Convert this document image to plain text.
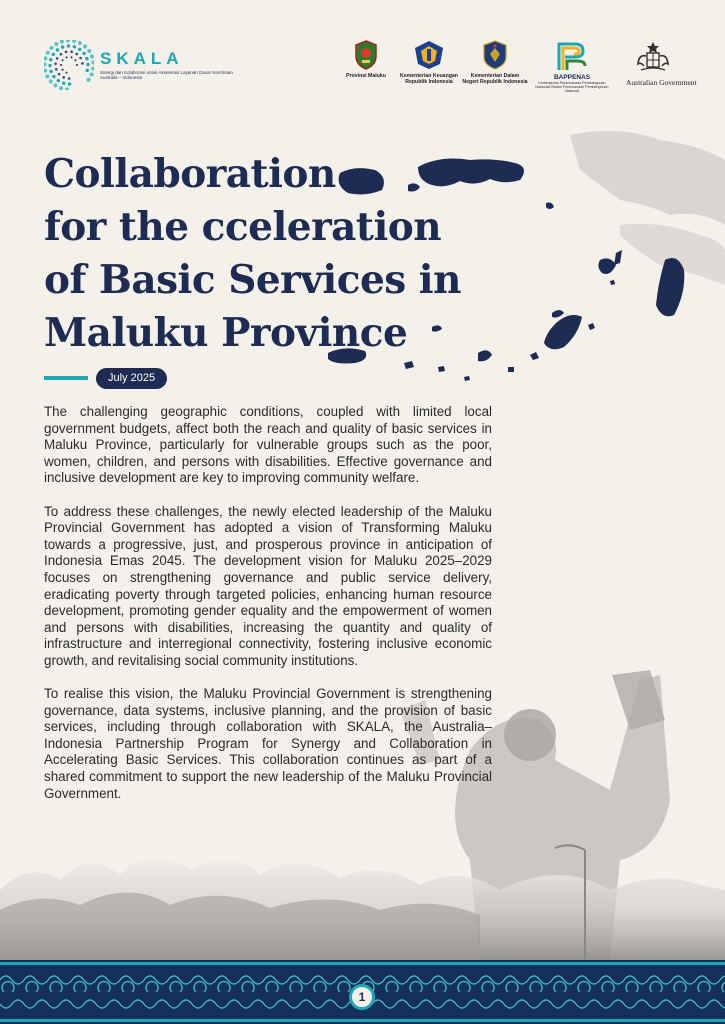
SKALA
Sinergi dan Kolaborasi untuk Akselerasi Layanan Dasar Kemitraan Australia – Indonesia	Provinsi Maluku	Kementerian Keuangan Republik Indonesia
Kementerian Dalam Negeri Republik Indonesia
BAPPENAS
Kementerian Perencanaan Pembangunan Nasional/ Badan Perencanaan Pembangunan Nasional
Australian Government
Collaboration
for the cceleration
of Basic Services in
Maluku Province
July 2025

The challenging geographic conditions, coupled with limited local government budgets, affect both the reach and quality of basic services in Maluku Province, particularly for vulnerable groups such as the poor, women, children, and persons with disabilities. Effective governance and inclusive development are key to improving community welfare.

To address these challenges, the newly elected leadership of the Maluku Provincial Government has adopted a vision of Transforming Maluku towards a progressive, just, and prosperous province in anticipation of Indonesia Emas 2045. The development vision for Maluku 2025–2029 focuses on strengthening governance and public service delivery, eradicating poverty through targeted policies, enhancing human resource development, promoting gender equality and the empowerment of women and persons with disabilities, increasing the quantity and quality of infrastructure and interregional connectivity, fostering inclusive economic growth, and revitalising social community institutions.

To realise this vision, the Maluku Provincial Government is strengthening governance, data systems, inclusive planning, and the provision of basic services, including through collaboration with SKALA, the Australia–Indonesia Partnership Program for Synergy and Collaboration in Accelerating Basic Services. This collaboration continues as part of a shared commitment to support the new leadership of the Maluku Provincial Government.

1
